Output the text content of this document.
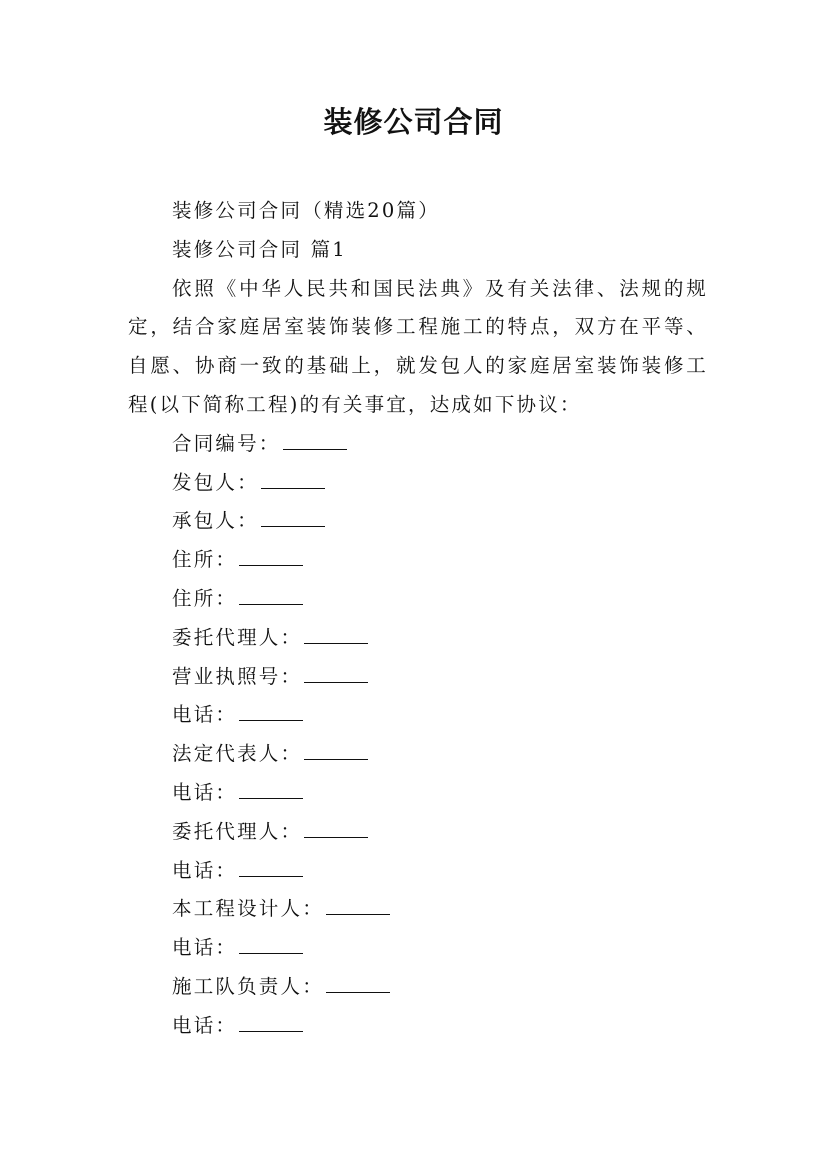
装修公司合同

装修公司合同（精选20篇）

装修公司合同 篇1

依照《中华人民共和国民法典》及有关法律、法规的规定，结合家庭居室装饰装修工程施工的特点，双方在平等、自愿、协商一致的基础上，就发包人的家庭居室装饰装修工程(以下简称工程)的有关事宜，达成如下协议：

合同编号：

发包人：

承包人：

住所：

住所：

委托代理人：

营业执照号：

电话：

法定代表人：

电话：

委托代理人：

电话：

本工程设计人：

电话：

施工队负责人：

电话：
